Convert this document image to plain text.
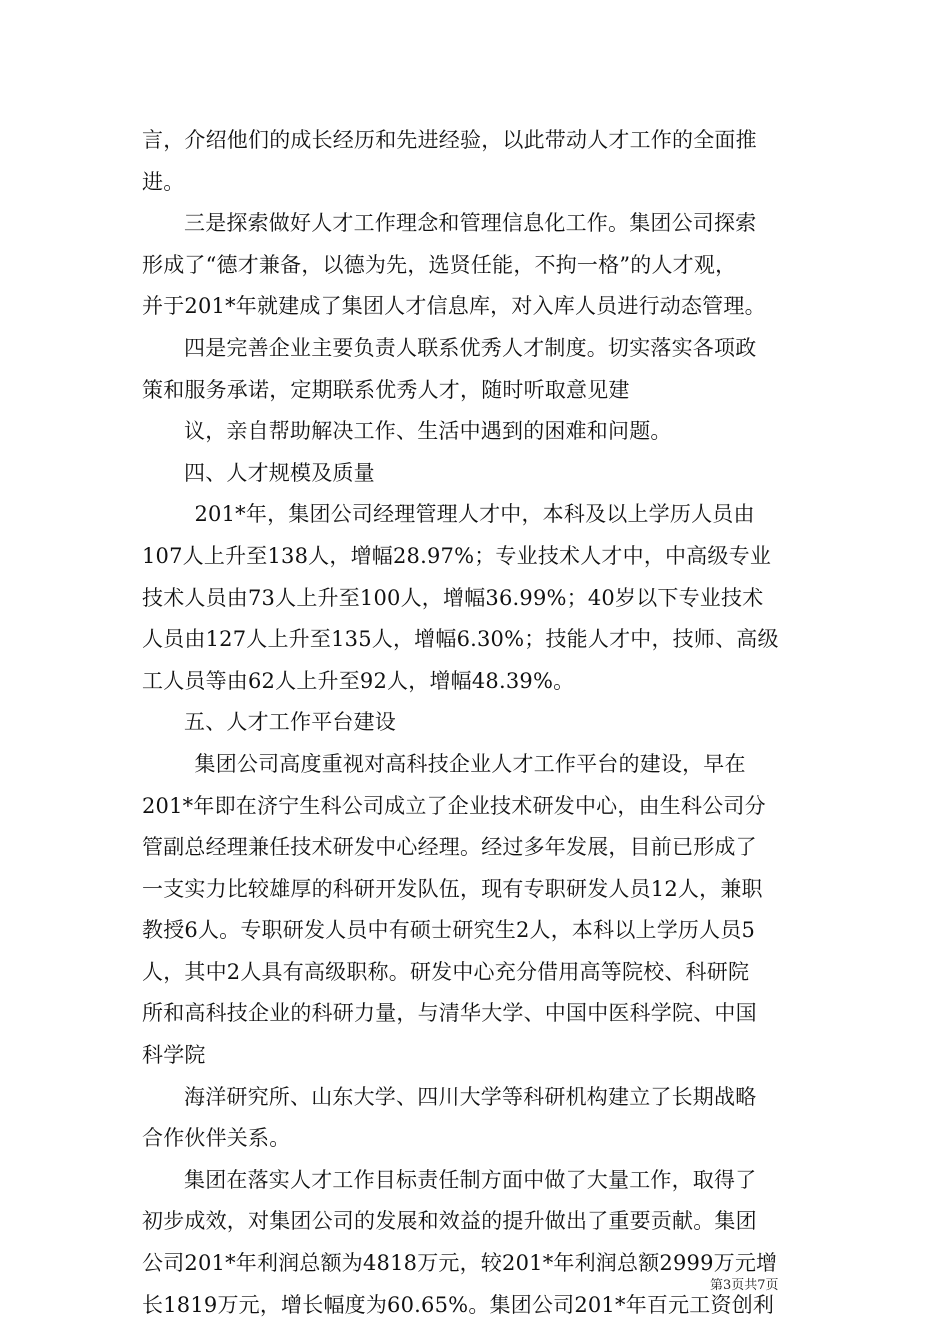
言，介绍他们的成长经历和先进经验，以此带动人才工作的全面推
进。
三是探索做好人才工作理念和管理信息化工作。集团公司探索
形成了“德才兼备，以德为先，选贤任能，不拘一格”的人才观，
并于201*年就建成了集团人才信息库，对入库人员进行动态管理。
四是完善企业主要负责人联系优秀人才制度。切实落实各项政
策和服务承诺，定期联系优秀人才，随时听取意见建
议，亲自帮助解决工作、生活中遇到的困难和问题。
四、人才规模及质量
201*年，集团公司经理管理人才中，本科及以上学历人员由
107人上升至138人，增幅28.97%；专业技术人才中，中高级专业
技术人员由73人上升至100人，增幅36.99%；40岁以下专业技术
人员由127人上升至135人，增幅6.30%；技能人才中，技师、高级
工人员等由62人上升至92人，增幅48.39%。
五、人才工作平台建设
集团公司高度重视对高科技企业人才工作平台的建设，早在
201*年即在济宁生科公司成立了企业技术研发中心，由生科公司分
管副总经理兼任技术研发中心经理。经过多年发展，目前已形成了
一支实力比较雄厚的科研开发队伍，现有专职研发人员12人，兼职
教授6人。专职研发人员中有硕士研究生2人，本科以上学历人员5
人，其中2人具有高级职称。研发中心充分借用高等院校、科研院
所和高科技企业的科研力量，与清华大学、中国中医科学院、中国
科学院
海洋研究所、山东大学、四川大学等科研机构建立了长期战略
合作伙伴关系。
集团在落实人才工作目标责任制方面中做了大量工作，取得了
初步成效，对集团公司的发展和效益的提升做出了重要贡献。集团
公司201*年利润总额为4818万元，较201*年利润总额2999万元增
长1819万元，增长幅度为60.65%。集团公司201*年百元工资创利
第3页共7页
